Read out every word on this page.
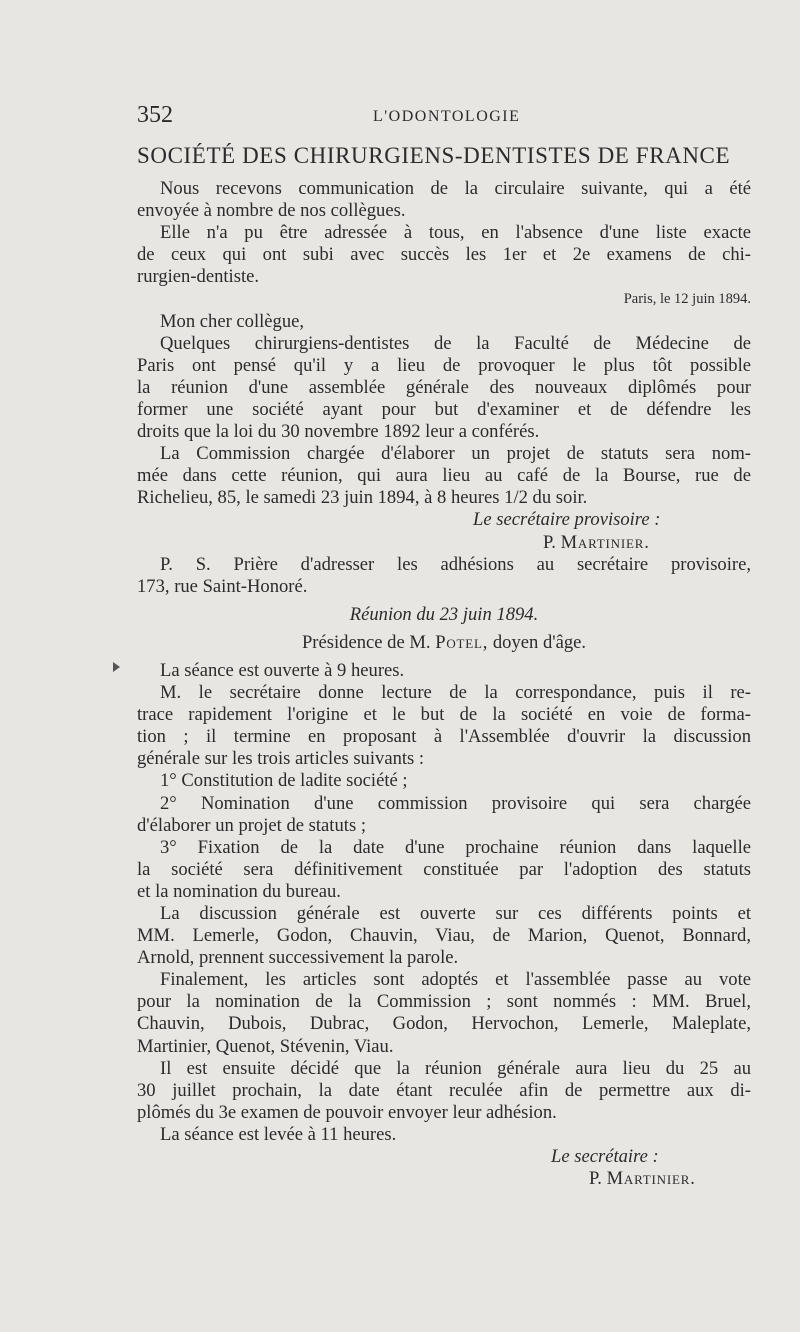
352	L'ODONTOLOGIE
SOCIÉTÉ DES CHIRURGIENS-DENTISTES DE FRANCE
Nous recevons communication de la circulaire suivante, qui a été
envoyée à nombre de nos collègues.
Elle n'a pu être adressée à tous, en l'absence d'une liste exacte
de ceux qui ont subi avec succès les 1er et 2e examens de chi-
rurgien-dentiste.
Paris, le 12 juin 1894.
Mon cher collègue,
Quelques chirurgiens-dentistes de la Faculté de Médecine de
Paris ont pensé qu'il y a lieu de provoquer le plus tôt possible
la réunion d'une assemblée générale des nouveaux diplômés pour
former une société ayant pour but d'examiner et de défendre les
droits que la loi du 30 novembre 1892 leur a conférés.
La Commission chargée d'élaborer un projet de statuts sera nom-
mée dans cette réunion, qui aura lieu au café de la Bourse, rue de
Richelieu, 85, le samedi 23 juin 1894, à 8 heures 1/2 du soir.
Le secrétaire provisoire :
P. Martinier.
P. S. Prière d'adresser les adhésions au secrétaire provisoire,
173, rue Saint-Honoré.
Réunion du 23 juin 1894.
Présidence de M. Potel, doyen d'âge.
La séance est ouverte à 9 heures.
M. le secrétaire donne lecture de la correspondance, puis il re-
trace rapidement l'origine et le but de la société en voie de forma-
tion ; il termine en proposant à l'Assemblée d'ouvrir la discussion
générale sur les trois articles suivants :
1° Constitution de ladite société ;
2° Nomination d'une commission provisoire qui sera chargée
d'élaborer un projet de statuts ;
3° Fixation de la date d'une prochaine réunion dans laquelle
la société sera définitivement constituée par l'adoption des statuts
et la nomination du bureau.
La discussion générale est ouverte sur ces différents points et
MM. Lemerle, Godon, Chauvin, Viau, de Marion, Quenot, Bonnard,
Arnold, prennent successivement la parole.
Finalement, les articles sont adoptés et l'assemblée passe au vote
pour la nomination de la Commission ; sont nommés : MM. Bruel,
Chauvin, Dubois, Dubrac, Godon, Hervochon, Lemerle, Maleplate,
Martinier, Quenot, Stévenin, Viau.
Il est ensuite décidé que la réunion générale aura lieu du 25 au
30 juillet prochain, la date étant reculée afin de permettre aux di-
plômés du 3e examen de pouvoir envoyer leur adhésion.
La séance est levée à 11 heures.
Le secrétaire :
P. Martinier.
